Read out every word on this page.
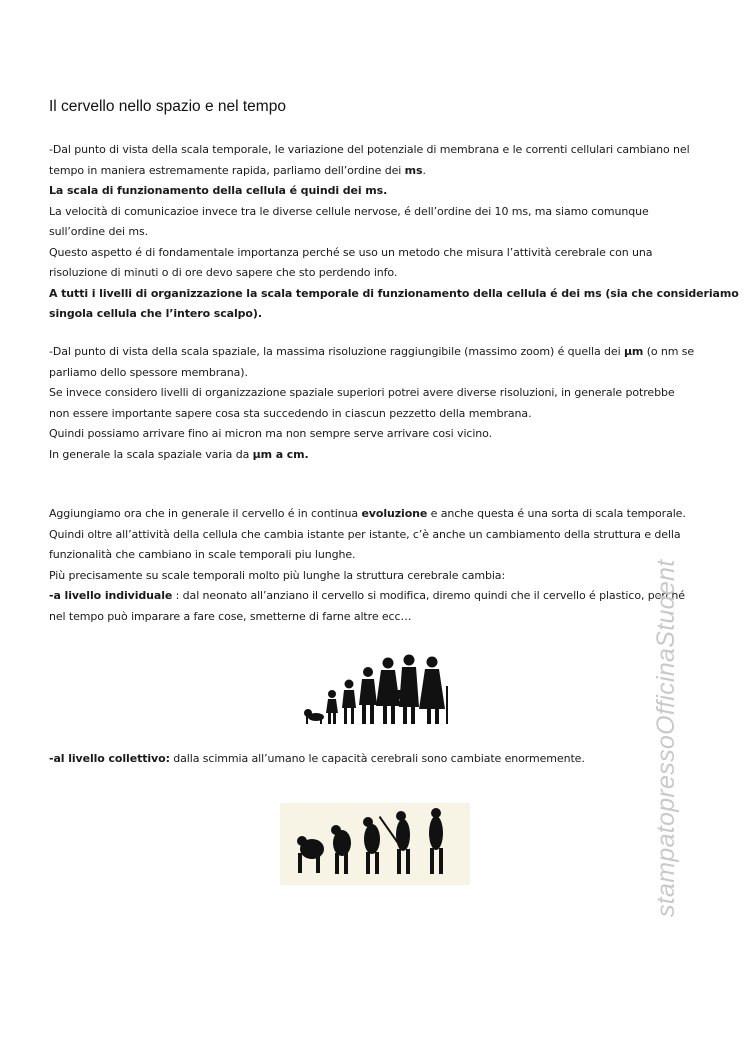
Il cervello nello spazio e nel tempo
-Dal punto di vista della scala temporale, le variazione del potenziale di membrana e le correnti cellulari cambiano nel
tempo in maniera estremamente rapida, parliamo dell’ordine dei ms.
La scala di funzionamento della cellula é quindi dei ms.
La velocità di comunicazioe invece tra le diverse cellule nervose, é dell’ordine dei 10 ms, ma siamo comunque
sull’ordine dei ms.
Questo aspetto é di fondamentale importanza perché se uso un metodo che misura l’attività cerebrale con una
risoluzione di minuti o di ore devo sapere che sto perdendo info.
A tutti i livelli di organizzazione la scala temporale di funzionamento della cellula é dei ms (sia che consideriamo
singola cellula che l’intero scalpo).
-Dal punto di vista della scala spaziale, la massima risoluzione raggiungibile (massimo zoom) é quella dei μm (o nm se
parliamo dello spessore membrana).
Se invece considero livelli di organizzazione spaziale superiori potrei avere diverse risoluzioni, in generale potrebbe
non essere importante sapere cosa sta succedendo in ciascun pezzetto della membrana.
Quindi possiamo arrivare fino ai micron ma non sempre serve arrivare cosi vicino.
In generale la scala spaziale varia da μm a cm.
Aggiungiamo ora che in generale il cervello é in continua evoluzione e anche questa é una sorta di scala temporale.
Quindi oltre all’attività della cellula che cambia istante per istante, c’è anche un cambiamento della struttura e della
funzionalità che cambiano in scale temporali piu lunghe.
Più precisamente su scale temporali molto più lunghe la struttura cerebrale cambia:
-a livello individuale : dal neonato all’anziano il cervello si modifica, diremo quindi che il cervello é plastico, perché
nel tempo può imparare a fare cose, smetterne di farne altre ecc…
-al livello collettivo: dalla scimmia all’umano le capacità cerebrali sono cambiate enormemente.	stampatopressoOfficinaStudent
